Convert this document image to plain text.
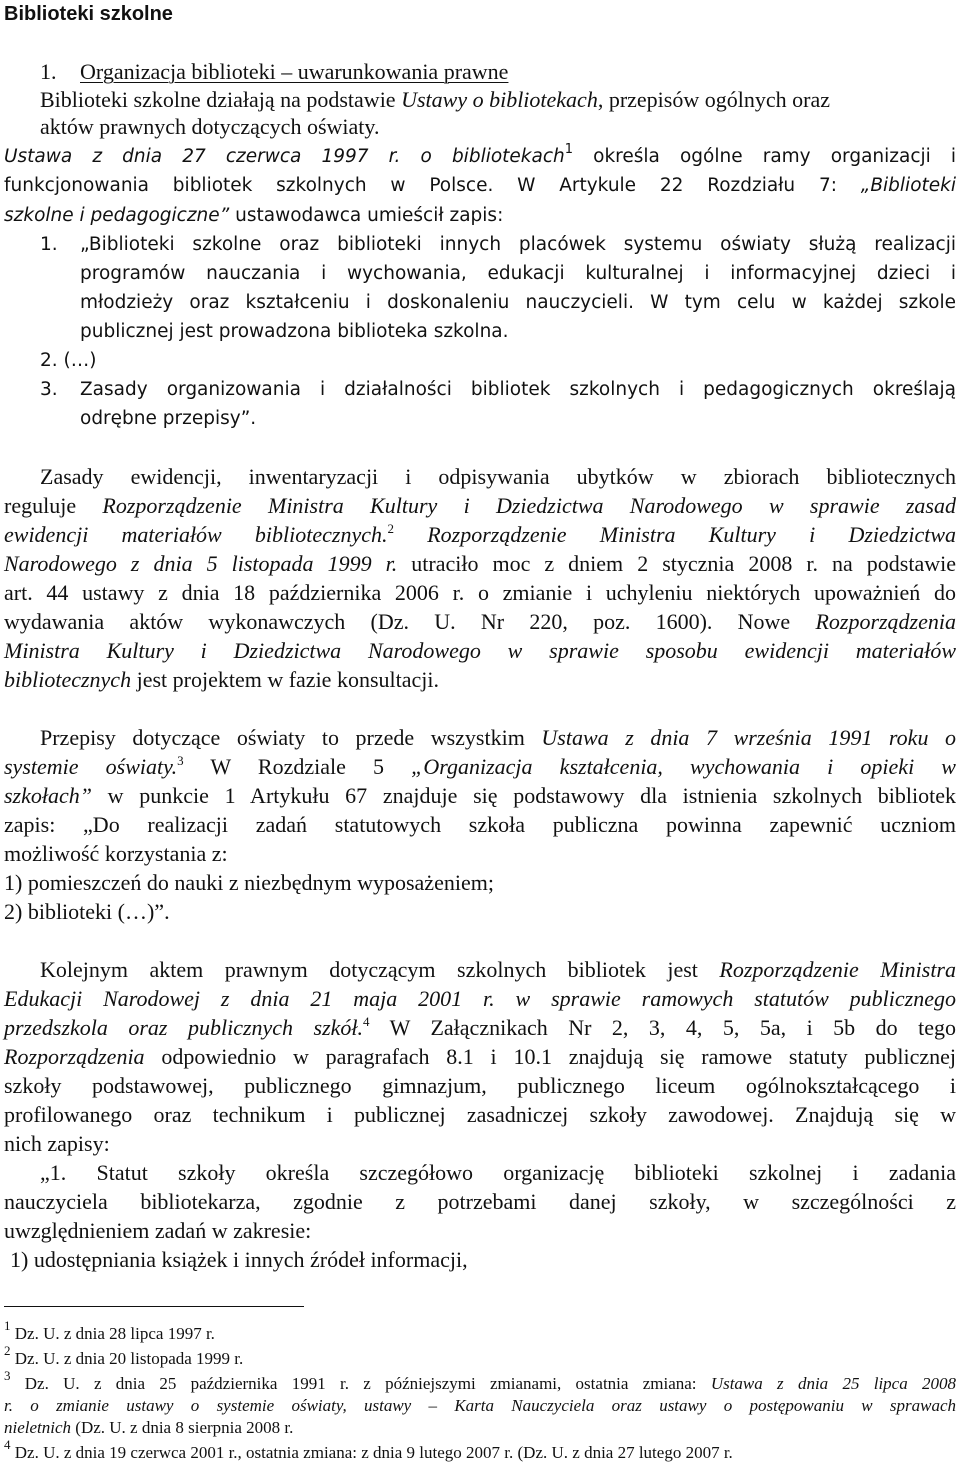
Biblioteki szkolne
1. Organizacja biblioteki – uwarunkowania prawne
Biblioteki szkolne działają na podstawie Ustawy o bibliotekach, przepisów ogólnych oraz
aktów prawnych dotyczących oświaty.
Ustawa z dnia 27 czerwca 1997 r. o bibliotekach$^1$ określa ogólne ramy organizacji i
funkcjonowania bibliotek szkolnych w Polsce. W Artykule 22 Rozdziału 7: „Biblioteki
szkolne i pedagogiczne” ustawodawca umieścił zapis:
1. „Biblioteki szkolne oraz biblioteki innych placówek systemu oświaty służą realizacji
programów nauczania i wychowania, edukacji kulturalnej i informacyjnej dzieci i
młodzieży oraz kształceniu i doskonaleniu nauczycieli. W tym celu w każdej szkole
publicznej jest prowadzona biblioteka szkolna.
2. (…)
3. Zasady organizowania i działalności bibliotek szkolnych i pedagogicznych określają
odrębne przepisy”.
Zasady ewidencji, inwentaryzacji i odpisywania ubytków w zbiorach bibliotecznych
reguluje Rozporządzenie Ministra Kultury i Dziedzictwa Narodowego w sprawie zasad
ewidencji materiałów bibliotecznych.$^2$ Rozporządzenie Ministra Kultury i Dziedzictwa
Narodowego z dnia 5 listopada 1999 r. utraciło moc z dniem 2 stycznia 2008 r. na podstawie
art. 44 ustawy z dnia 18 października 2006 r. o zmianie i uchyleniu niektórych upoważnień do
wydawania aktów wykonawczych (Dz. U. Nr 220, poz. 1600). Nowe Rozporządzenia
Ministra Kultury i Dziedzictwa Narodowego w sprawie sposobu ewidencji materiałów
bibliotecznych jest projektem w fazie konsultacji.
Przepisy dotyczące oświaty to przede wszystkim Ustawa z dnia 7 września 1991 roku o
systemie oświaty.$^3$ W Rozdziale 5 „Organizacja kształcenia, wychowania i opieki w
szkołach” w punkcie 1 Artykułu 67 znajduje się podstawowy dla istnienia szkolnych bibliotek
zapis: „Do realizacji zadań statutowych szkoła publiczna powinna zapewnić uczniom
możliwość korzystania z:
1) pomieszczeń do nauki z niezbędnym wyposażeniem;
2) biblioteki (…)”.
Kolejnym aktem prawnym dotyczącym szkolnych bibliotek jest Rozporządzenie Ministra
Edukacji Narodowej z dnia 21 maja 2001 r. w sprawie ramowych statutów publicznego
przedszkola oraz publicznych szkół.$^4$ W Załącznikach Nr 2, 3, 4, 5, 5a, i 5b do tego
Rozporządzenia odpowiednio w paragrafach 8.1 i 10.1 znajdują się ramowe statuty publicznej
szkoły podstawowej, publicznego gimnazjum, publicznego liceum ogólnokształcącego i
profilowanego oraz technikum i publicznej zasadniczej szkoły zawodowej. Znajdują się w
nich zapisy:
„1. Statut szkoły określa szczegółowo organizację biblioteki szkolnej i zadania
nauczyciela bibliotekarza, zgodnie z potrzebami danej szkoły, w szczególności z
uwzględnieniem zadań w zakresie:
1) udostępniania książek i innych źródeł informacji,
$^1$ Dz. U. z dnia 28 lipca 1997 r.
$^2$ Dz. U. z dnia 20 listopada 1999 r.
$^3$ Dz. U. z dnia 25 października 1991 r. z późniejszymi zmianami, ostatnia zmiana: Ustawa z dnia 25 lipca 2008
r. o zmianie ustawy o systemie oświaty, ustawy – Karta Nauczyciela oraz ustawy o postępowaniu w sprawach
nieletnich (Dz. U. z dnia 8 sierpnia 2008 r.
$^4$ Dz. U. z dnia 19 czerwca 2001 r., ostatnia zmiana: z dnia 9 lutego 2007 r. (Dz. U. z dnia 27 lutego 2007 r.
